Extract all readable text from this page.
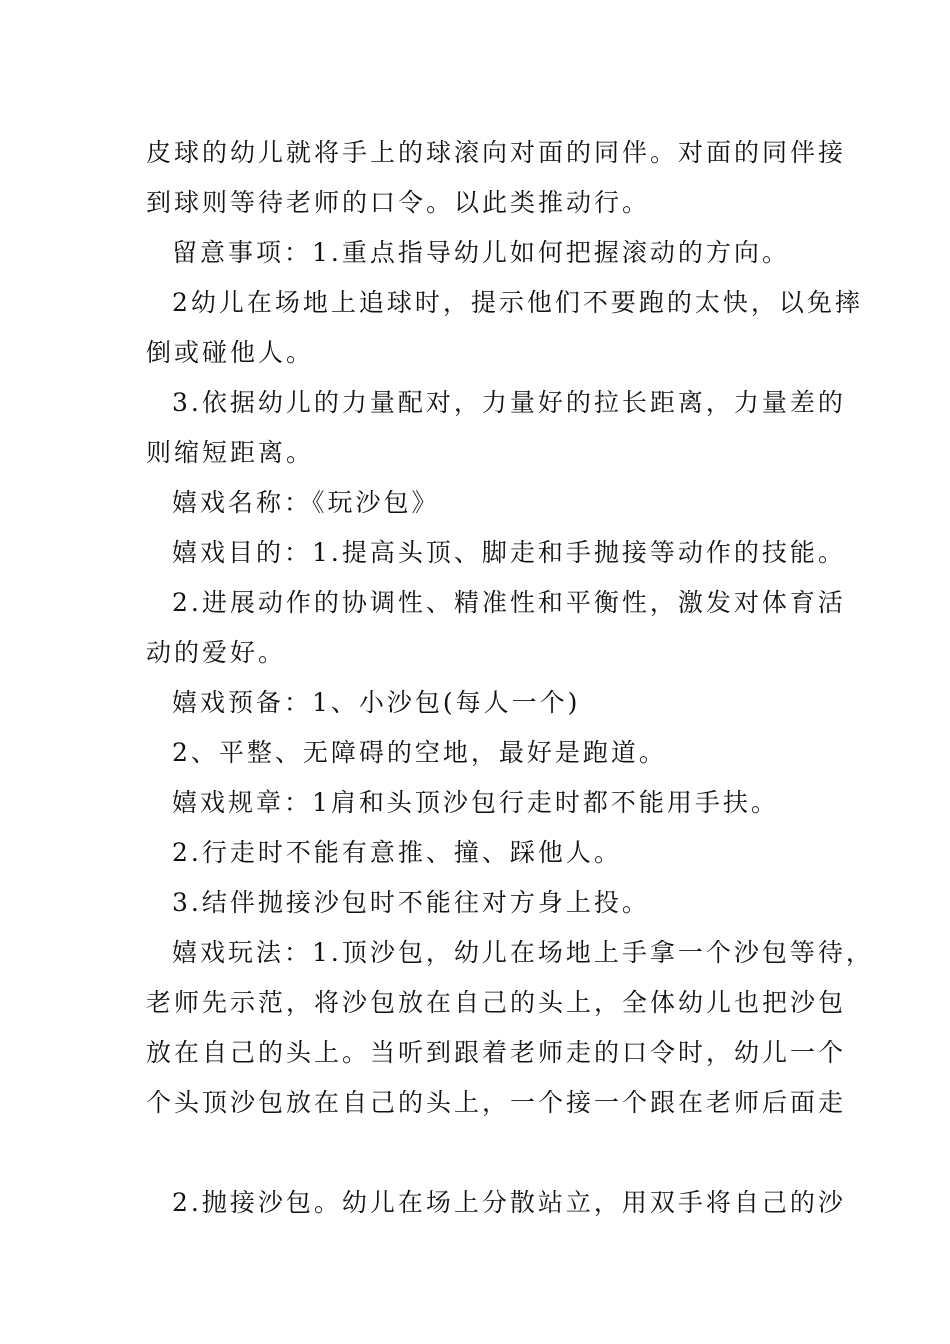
皮球的幼儿就将手上的球滚向对面的同伴。对面的同伴接
到球则等待老师的口令。以此类推动行。
留意事项：1.重点指导幼儿如何把握滚动的方向。
2幼儿在场地上追球时，提示他们不要跑的太快，以免摔
倒或碰他人。
3.依据幼儿的力量配对，力量好的拉长距离，力量差的
则缩短距离。
嬉戏名称：《玩沙包》
嬉戏目的：1.提高头顶、脚走和手抛接等动作的技能。
2.进展动作的协调性、精准性和平衡性，激发对体育活
动的爱好。
嬉戏预备：1、小沙包(每人一个)
2、平整、无障碍的空地，最好是跑道。
嬉戏规章：1肩和头顶沙包行走时都不能用手扶。
2.行走时不能有意推、撞、踩他人。
3.结伴抛接沙包时不能往对方身上投。
嬉戏玩法：1.顶沙包，幼儿在场地上手拿一个沙包等待，
老师先示范，将沙包放在自己的头上，全体幼儿也把沙包
放在自己的头上。当听到跟着老师走的口令时，幼儿一个
个头顶沙包放在自己的头上，一个接一个跟在老师后面走
2.抛接沙包。幼儿在场上分散站立，用双手将自己的沙
